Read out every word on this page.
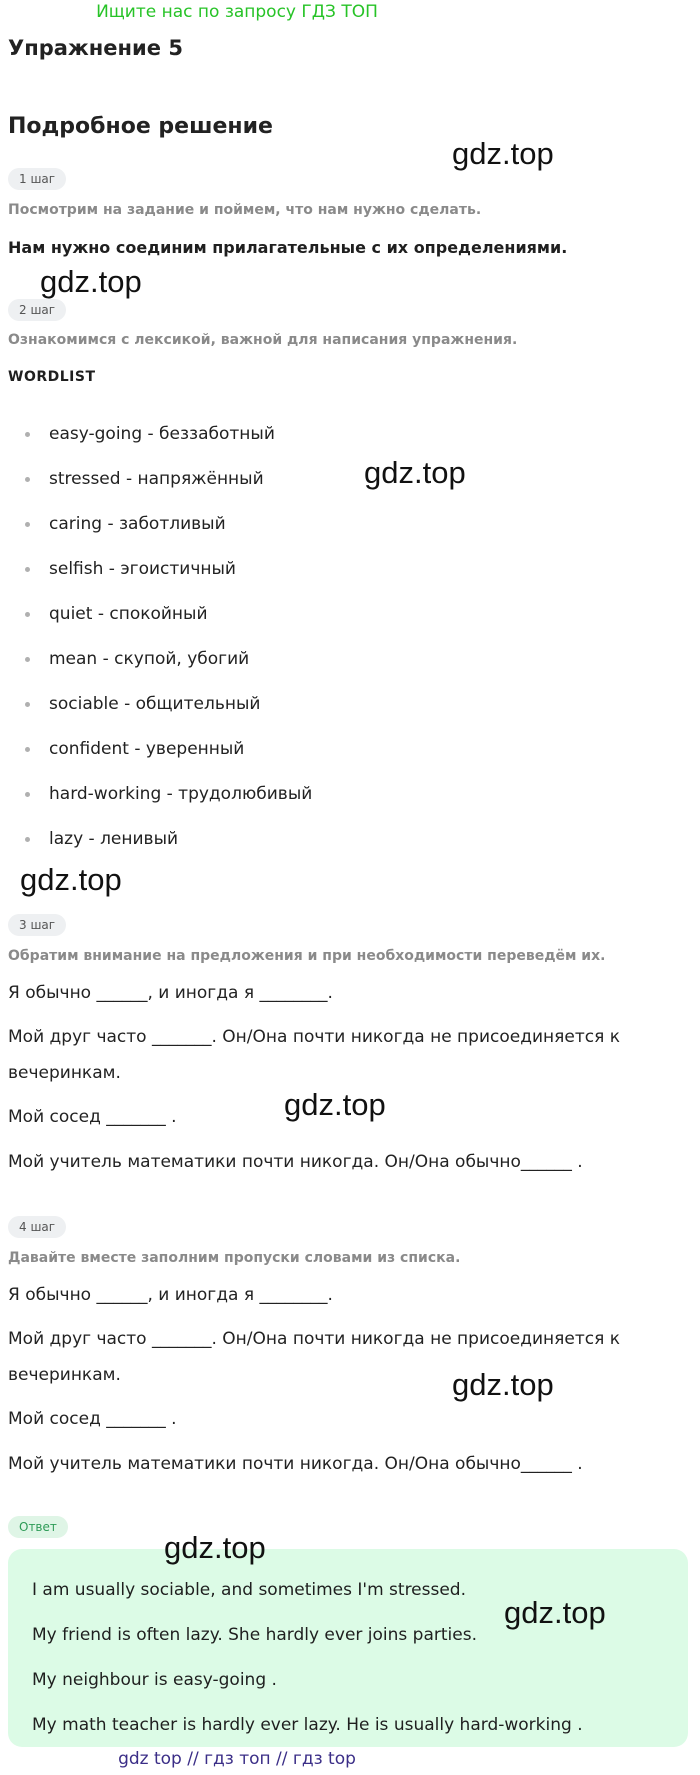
Ищите нас по запросу ГДЗ ТОП
Упражнение 5
Подробное решение
1 шаг
Посмотрим на задание и поймем, что нам нужно сделать.
Нам нужно соединим прилагательные с их определениями.
2 шаг
Ознакомимся с лексикой, важной для написания упражнения.
WORDLIST
easy-going - беззаботный
stressed - напряжённый
caring - заботливый
selfish - эгоистичный
quiet - спокойный
mean - скупой, убогий
sociable - общительный
confident - уверенный
hard-working - трудолюбивый
lazy - ленивый
3 шаг
Обратим внимание на предложения и при необходимости переведём их.
Я обычно ______, и иногда я ________.
Мой друг часто _______. Он/Она почти никогда не присоединяется к
вечеринкам.
Мой сосед _______ .
Мой учитель математики почти никогда. Он/Она обычно______ .
4 шаг
Давайте вместе заполним пропуски словами из списка.
Я обычно ______, и иногда я ________.
Мой друг часто _______. Он/Она почти никогда не присоединяется к
вечеринкам.
Мой сосед _______ .
Мой учитель математики почти никогда. Он/Она обычно______ .
Ответ
I am usually sociable, and sometimes I'm stressed.
My friend is often lazy. She hardly ever joins parties.
My neighbour is easy-going .
My math teacher is hardly ever lazy. He is usually hard-working .
gdz.top
gdz.top
gdz.top
gdz.top
gdz.top
gdz.top
gdz.top
gdz.top
gdz top // гдз топ // гдз top
